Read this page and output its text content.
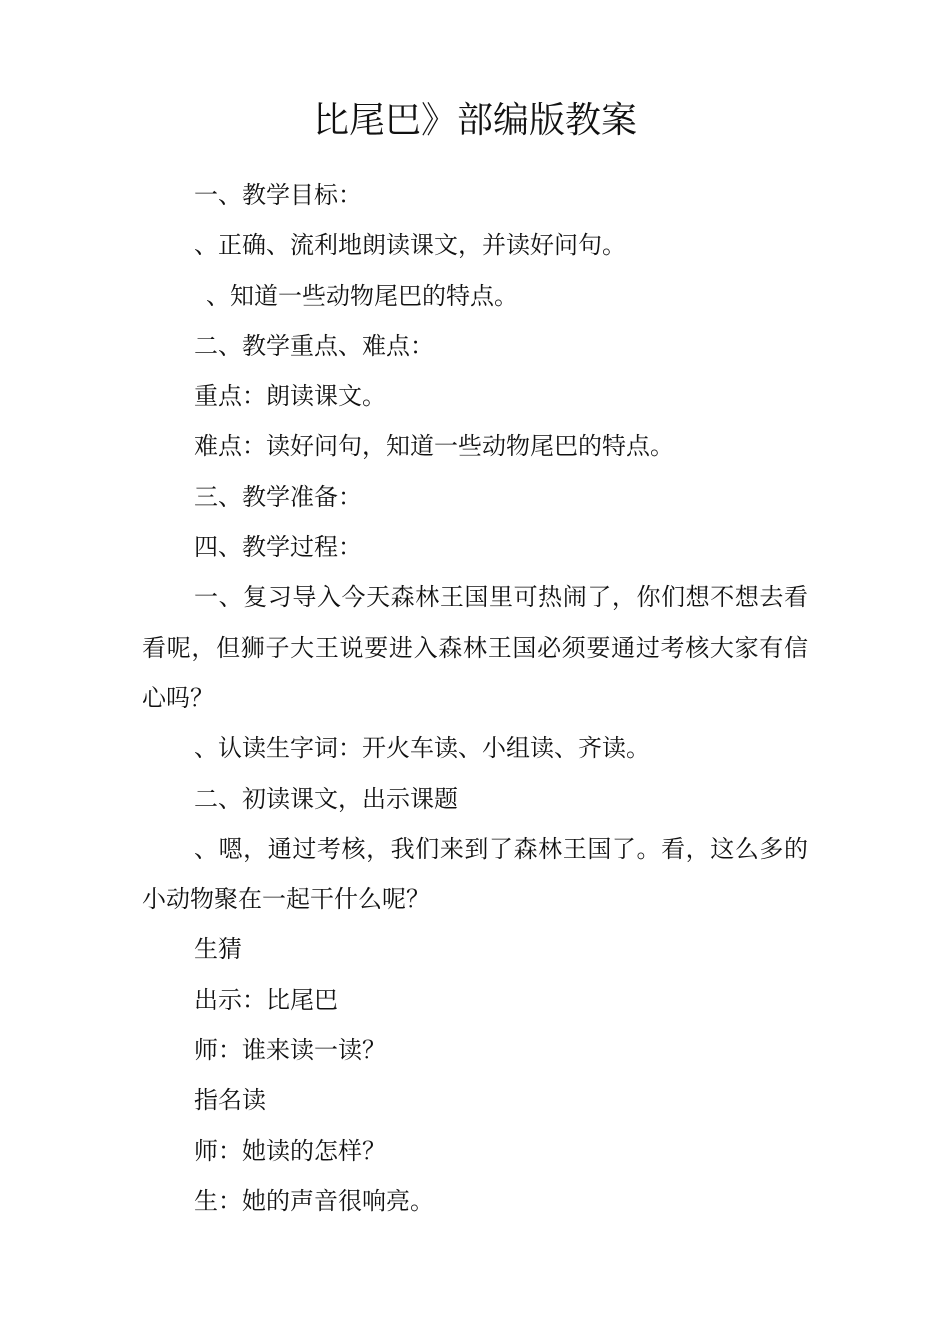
比尾巴》部编版教案

一、教学目标：

、正确、流利地朗读课文，并读好问句。

、知道一些动物尾巴的特点。

二、教学重点、难点：

重点：朗读课文。

难点：读好问句，知道一些动物尾巴的特点。

三、教学准备：

四、教学过程：

一、复习导入今天森林王国里可热闹了，你们想不想去看看呢，但狮子大王说要进入森林王国必须要通过考核大家有信心吗？

、认读生字词：开火车读、小组读、齐读。

二、初读课文，出示课题

、嗯，通过考核，我们来到了森林王国了。看，这么多的小动物聚在一起干什么呢？

生猜

出示：比尾巴

师：谁来读一读？

指名读

师：她读的怎样？

生：她的声音很响亮。
